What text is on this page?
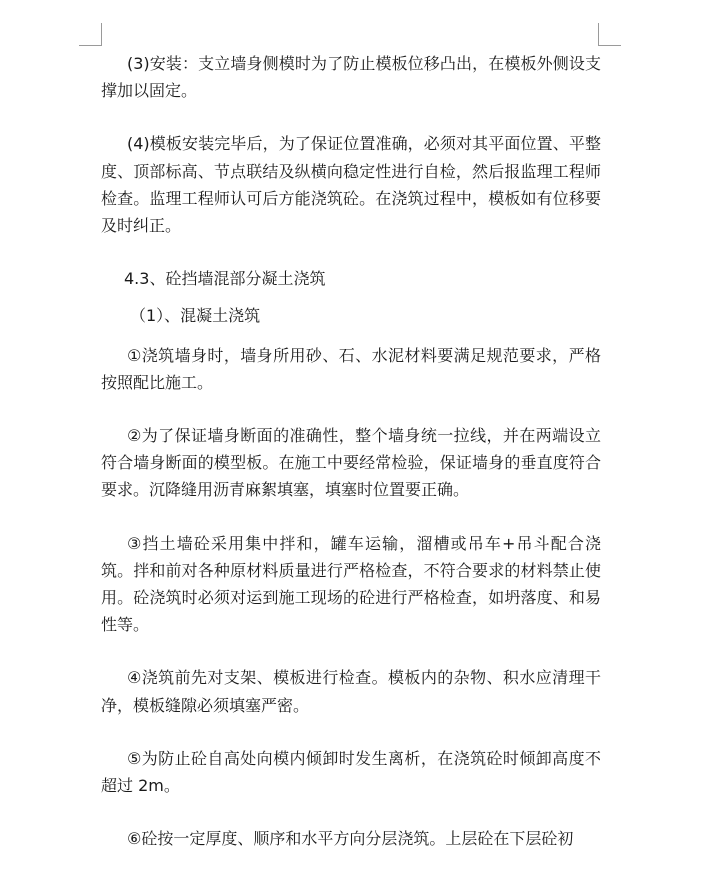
(3)安装：支立墙身侧模时为了防止模板位移凸出，在模板外侧设支撑加以固定。

(4)模板安装完毕后，为了保证位置准确，必须对其平面位置、平整度、顶部标高、节点联结及纵横向稳定性进行自检，然后报监理工程师检查。监理工程师认可后方能浇筑砼。在浇筑过程中，模板如有位移要及时纠正。

4.3、砼挡墙混部分凝土浇筑

（1）、混凝土浇筑

①浇筑墙身时，墙身所用砂、石、水泥材料要满足规范要求，严格按照配比施工。

②为了保证墙身断面的准确性，整个墙身统一拉线，并在两端设立符合墙身断面的模型板。在施工中要经常检验，保证墙身的垂直度符合要求。沉降缝用沥青麻絮填塞，填塞时位置要正确。

③挡土墙砼采用集中拌和，罐车运输，溜槽或吊车+吊斗配合浇筑。拌和前对各种原材料质量进行严格检查，不符合要求的材料禁止使用。砼浇筑时必须对运到施工现场的砼进行严格检查，如坍落度、和易性等。

④浇筑前先对支架、模板进行检查。模板内的杂物、积水应清理干净，模板缝隙必须填塞严密。

⑤为防止砼自高处向模内倾卸时发生离析，在浇筑砼时倾卸高度不超过 2m。

⑥砼按一定厚度、顺序和水平方向分层浇筑。上层砼在下层砼初
